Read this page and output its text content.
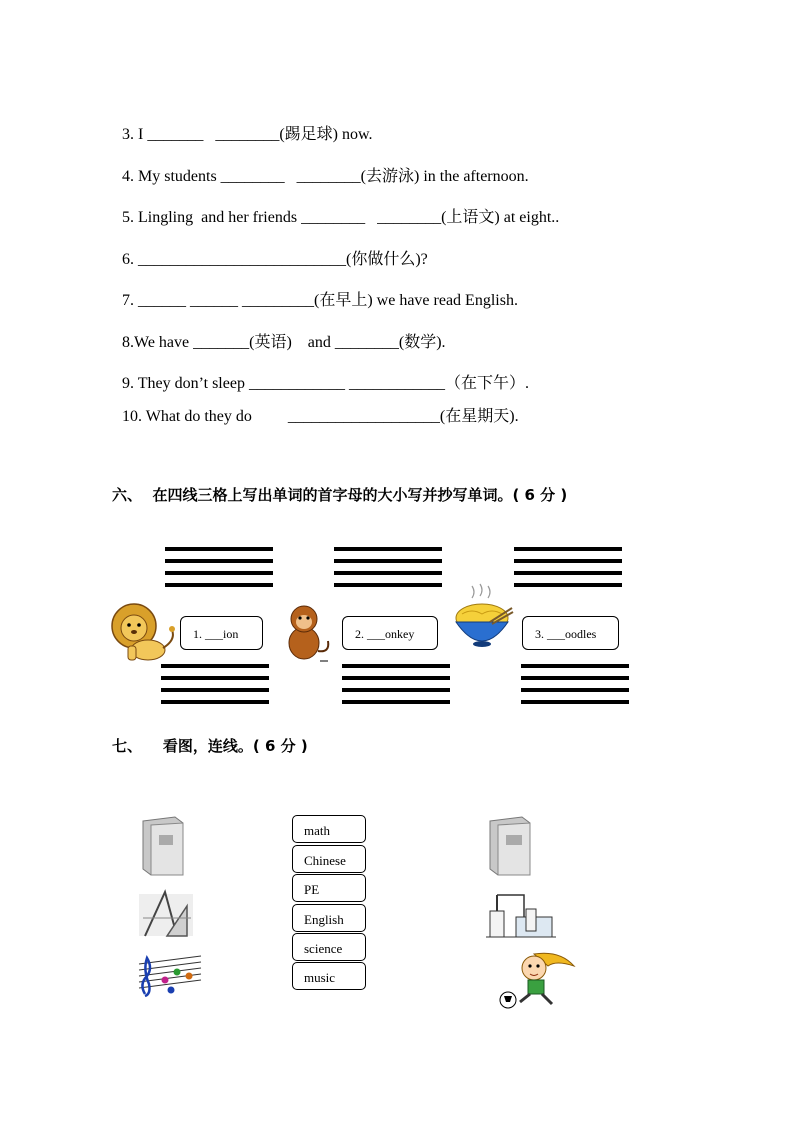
3. I _______   ________(踢足球) now.
4. My students ________   ________(去游泳) in the afternoon.
5. Lingling  and her friends ________   ________(上语文) at eight..
6. __________________________(你做什么)?
7. ______ ______ _________(在早上) we have read English.
8.We have _______(英语)    and ________(数学).
9. They don’t sleep ____________ ____________（在下午）.
10. What do they do         ___________________(在星期天).
六、  在四线三格上写出单词的首字母的大小写并抄写单词。( 6 分 )
1. ___ion	2. ___onkey	3. ___oodles
七、    看图，连线。( 6 分 )
math
Chinese
PE
English
science
music
